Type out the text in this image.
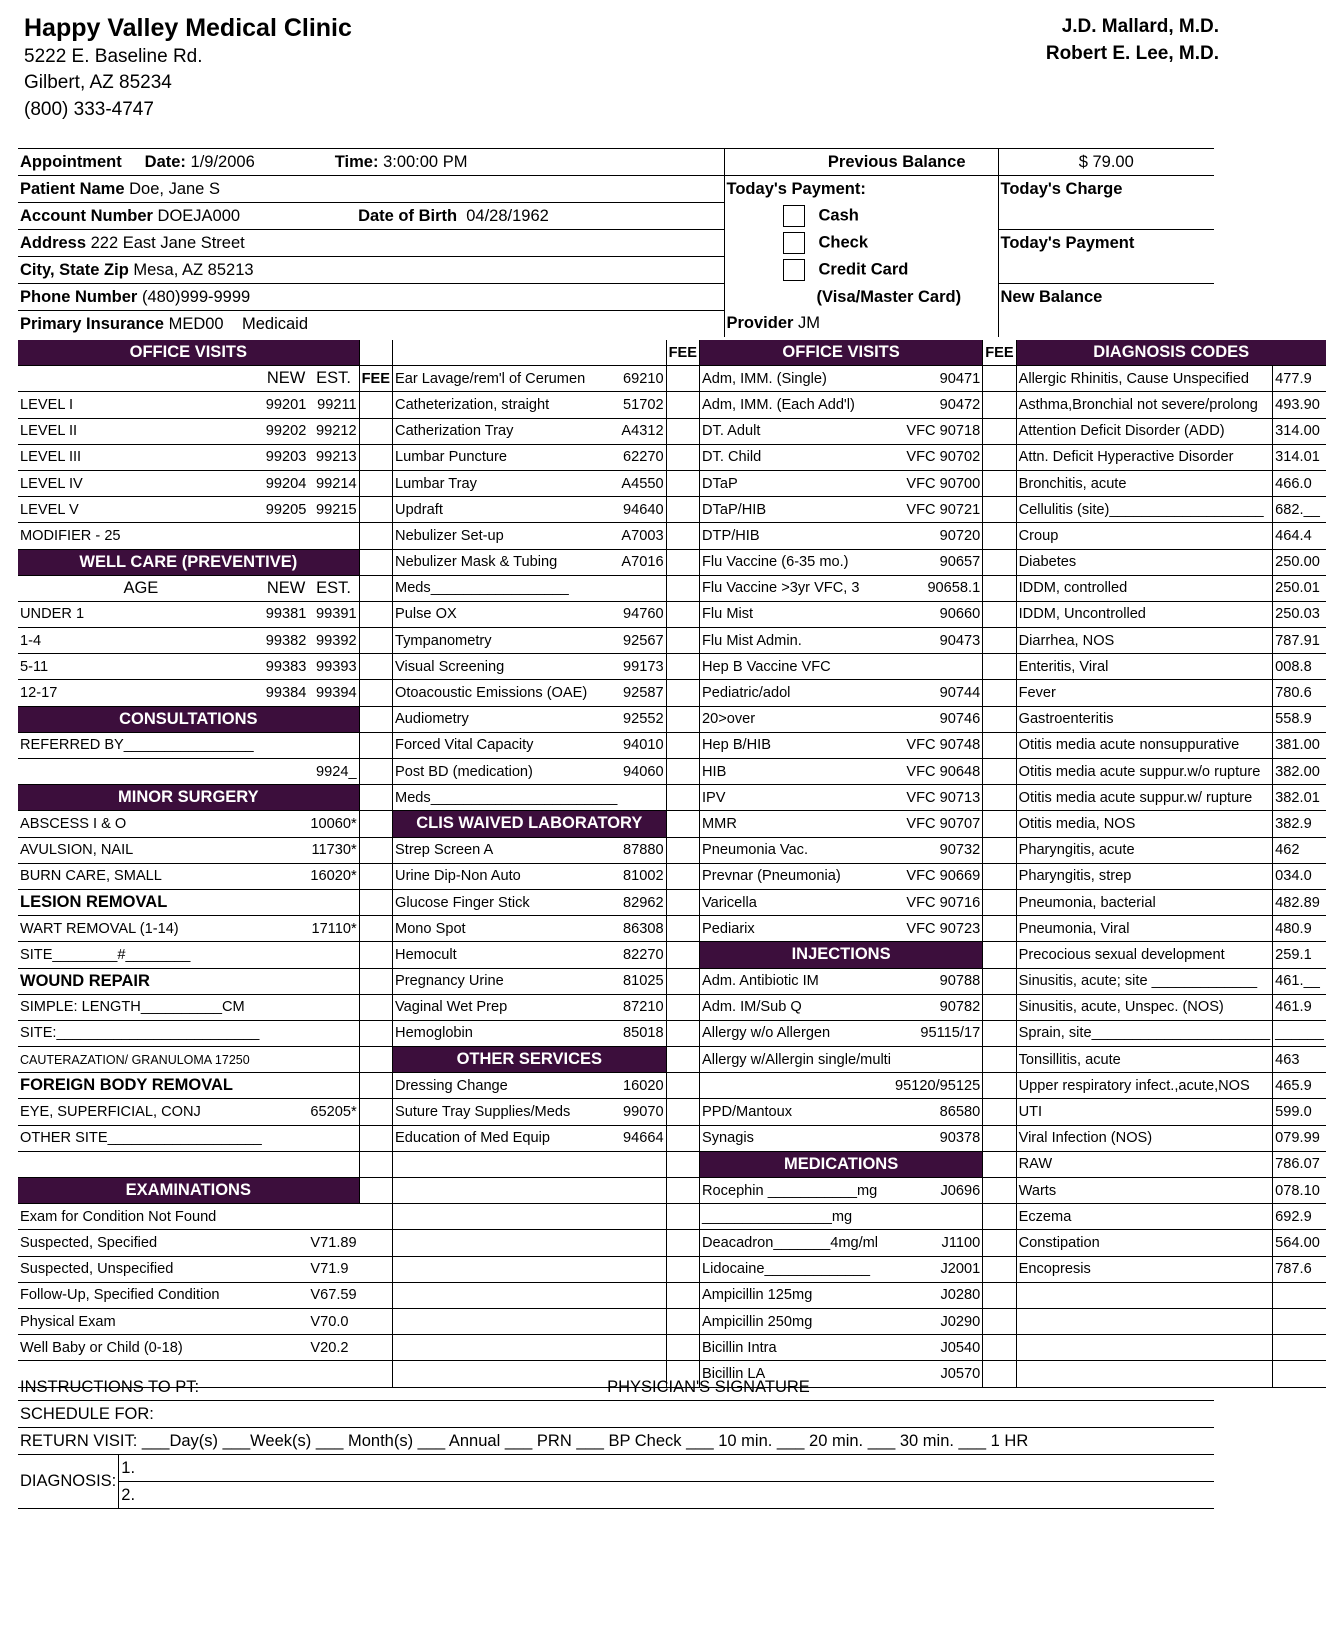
Happy Valley Medical Clinic
5222 E. Baseline Rd.
Gilbert, AZ 85234
(800) 333-4747
J.D. Mallard, M.D.
Robert E. Lee, M.D.
Appointment Date: 1/9/2006 Time: 3:00:00 PM	Previous Balance	$ 79.00
Patient Name Doe, Jane S	Today's Payment:	Today's Charge
Account Number DOEJA000 Date of Birth 04/28/1962	Cash	
Address 222 East Jane Street	Check	Today's Payment
City, State Zip Mesa, AZ 85213	Credit Card	
Phone Number (480)999-9999	(Visa/Master Card)	New Balance
Primary Insurance MED00 Medicaid	Provider JM	
OFFICE VISITS						FEE	OFFICE VISITS		FEE	DIAGNOSIS CODES	
	NEW	EST.	FEE	Ear Lavage/rem'l of Cerumen	69210		Adm, IMM. (Single)	90471		Allergic Rhinitis, Cause Unspecified	477.9
LEVEL I	99201	99211		Catheterization, straight	51702		Adm, IMM. (Each Add'l)	90472		Asthma,Bronchial not severe/prolong	493.90
LEVEL II	99202	99212		Catherization Tray	A4312		DT. Adult	VFC 90718		Attention Deficit Disorder (ADD)	314.00
LEVEL III	99203	99213		Lumbar Puncture	62270		DT. Child	VFC 90702		Attn. Deficit Hyperactive Disorder	314.01
LEVEL IV	99204	99214		Lumbar Tray	A4550		DTaP	VFC 90700		Bronchitis, acute	466.0
LEVEL V	99205	99215		Updraft	94640		DTaP/HIB	VFC 90721		Cellulitis (site)___________________	682.__
MODIFIER - 25				Nebulizer Set-up	A7003		DTP/HIB	90720		Croup	464.4
WELL CARE (PREVENTIVE)				Nebulizer Mask & Tubing	A7016		Flu Vaccine (6-35 mo.)	90657		Diabetes	250.00
AGE	NEW	EST.		Meds_________________			Flu Vaccine >3yr VFC, 3	90658.1		IDDM, controlled	250.01
UNDER 1	99381	99391		Pulse OX	94760		Flu Mist	90660		IDDM, Uncontrolled	250.03
1-4	99382	99392		Tympanometry	92567		Flu Mist Admin.	90473		Diarrhea, NOS	787.91
5-11	99383	99393		Visual Screening	99173		Hep B Vaccine VFC			Enteritis, Viral	008.8
12-17	99384	99394		Otoacoustic Emissions (OAE)	92587		Pediatric/adol	90744		Fever	780.6
CONSULTATIONS				Audiometry	92552		20>over	90746		Gastroenteritis	558.9
REFERRED BY________________				Forced Vital Capacity	94010		Hep B/HIB	VFC 90748		Otitis media acute nonsuppurative	381.00
		9924_		Post BD (medication)	94060		HIB	VFC 90648		Otitis media acute suppur.w/o rupture	382.00
MINOR SURGERY				Meds_______________________			IPV	VFC 90713		Otitis media acute suppur.w/ rupture	382.01
ABSCESS I & O		10060*		CLIS WAIVED LABORATORY			MMR	VFC 90707		Otitis media, NOS	382.9
AVULSION, NAIL		11730*		Strep Screen A	87880		Pneumonia Vac.	90732		Pharyngitis, acute	462
BURN CARE, SMALL		16020*		Urine Dip-Non Auto	81002		Prevnar (Pneumonia)	VFC 90669		Pharyngitis, strep	034.0
LESION REMOVAL				Glucose Finger Stick	82962		Varicella	VFC 90716		Pneumonia, bacterial	482.89
WART REMOVAL (1-14)		17110*		Mono Spot	86308		Pediarix	VFC 90723		Pneumonia, Viral	480.9
SITE________#________				Hemocult	82270		INJECTIONS			Precocious sexual development	259.1
WOUND REPAIR				Pregnancy Urine	81025		Adm. Antibiotic IM	90788		Sinusitis, acute; site _____________	461.__
SIMPLE: LENGTH__________CM				Vaginal Wet Prep	87210		Adm. IM/Sub Q	90782		Sinusitis, acute, Unspec. (NOS)	461.9
SITE:_________________________				Hemoglobin	85018		Allergy w/o Allergen	95115/17		Sprain, site______________________	______
CAUTERAZATION/ GRANULOMA 17250				OTHER SERVICES			Allergy w/Allergin single/multi			Tonsillitis, acute	463
FOREIGN BODY REMOVAL				Dressing Change	16020			95120/95125		Upper respiratory infect.,acute,NOS	465.9
EYE, SUPERFICIAL, CONJ		65205*		Suture Tray Supplies/Meds	99070		PPD/Mantoux	86580		UTI	599.0
OTHER SITE___________________				Education of Med Equip	94664		Synagis	90378		Viral Infection (NOS)	079.99
							MEDICATIONS			RAW	786.07
EXAMINATIONS							Rocephin ___________mg	J0696		Warts	078.10
Exam for Condition Not Found							________________mg			Eczema	692.9
Suspected, Specified		V71.89					Deacadron_______4mg/ml	J1100		Constipation	564.00
Suspected, Unspecified		V71.9					Lidocaine_____________	J2001		Encopresis	787.6
Follow-Up, Specified Condition		V67.59					Ampicillin 125mg	J0280			
Physical Exam		V70.0					Ampicillin 250mg	J0290			
Well Baby or Child (0-18)		V20.2					Bicillin Intra	J0540			
							Bicillin LA	J0570			
INSTRUCTIONS TO PT:	PHYSICIAN'S SIGNATURE
SCHEDULE FOR:
RETURN VISIT: ___Day(s) ___Week(s) ___ Month(s) ___ Annual ___ PRN ___ BP Check ___ 10 min. ___ 20 min. ___ 30 min. ___ 1 HR
DIAGNOSIS:	1.
2.
